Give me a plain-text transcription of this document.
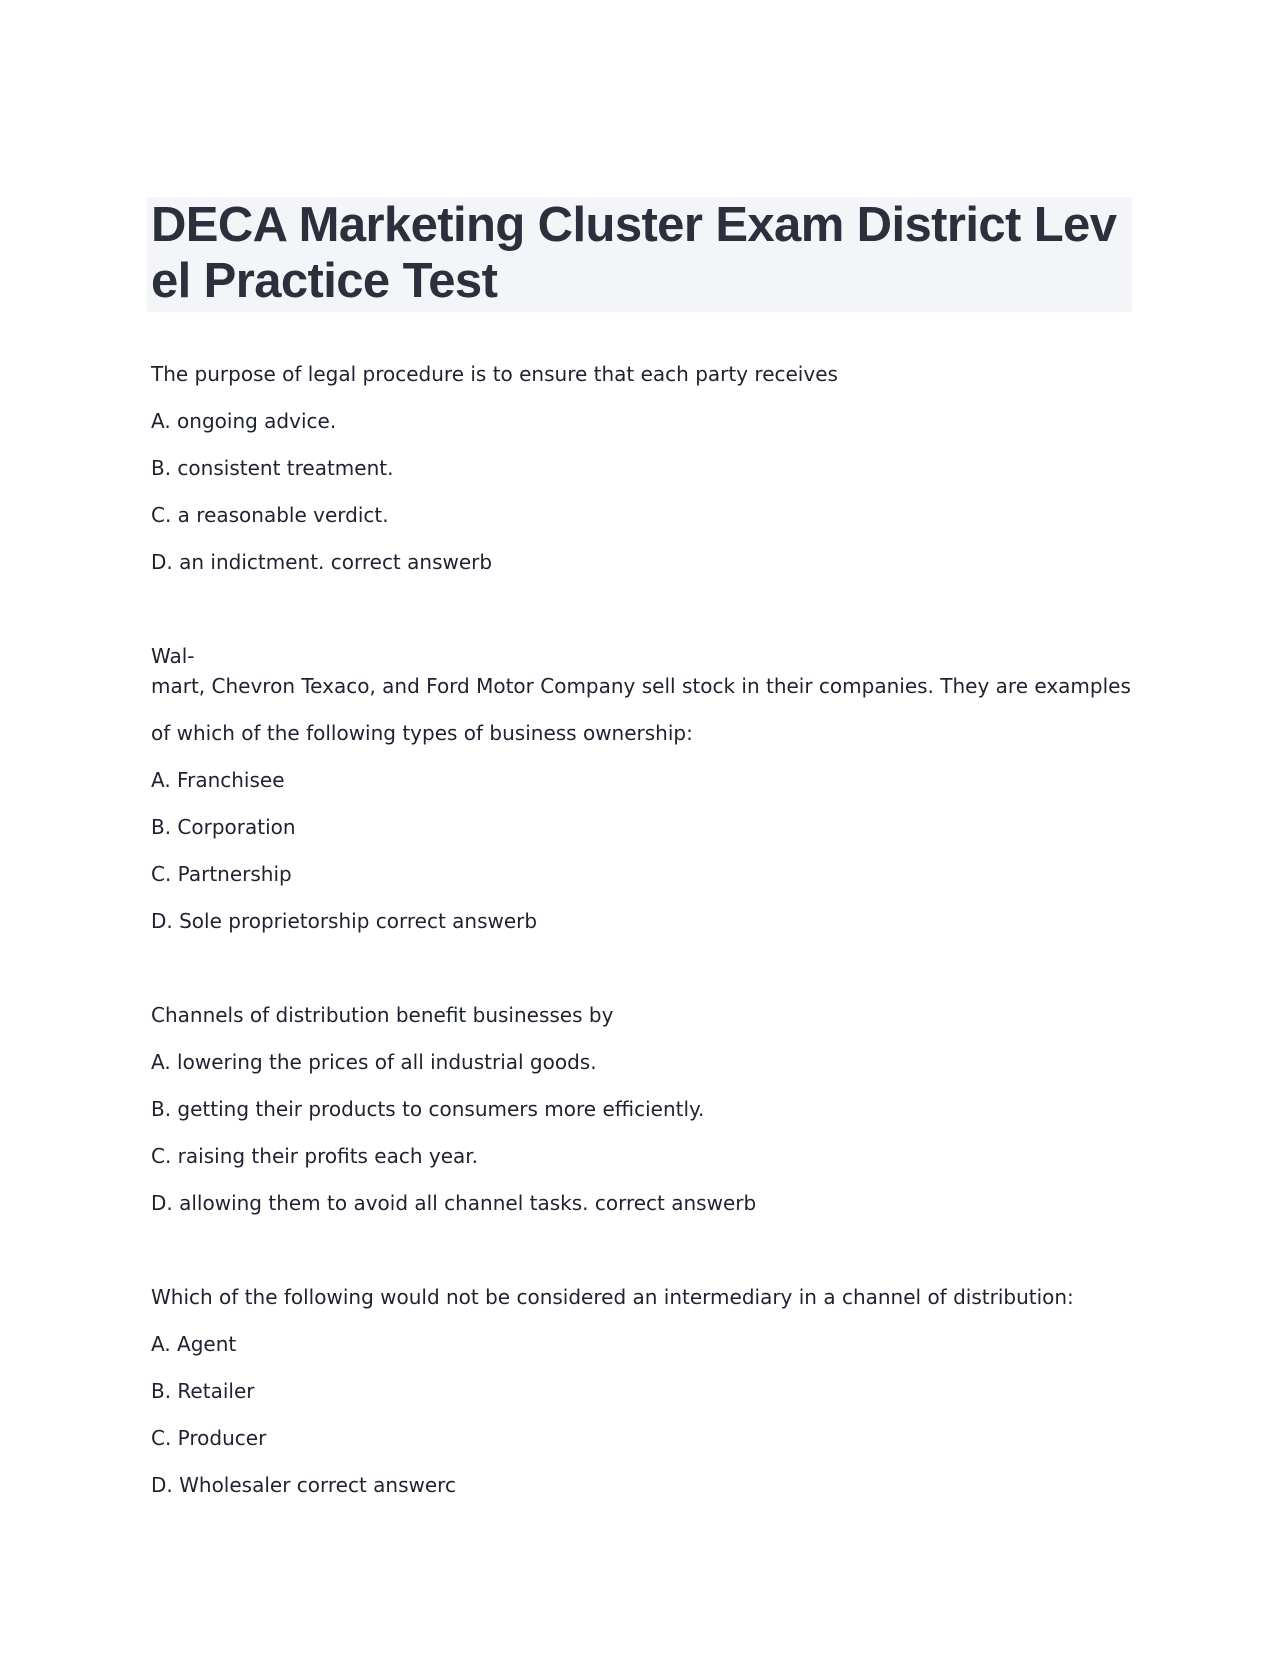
DECA Marketing Cluster Exam District Level Practice Test

The purpose of legal procedure is to ensure that each party receives

A. ongoing advice.

B. consistent treatment.

C. a reasonable verdict.

D. an indictment. correct answerb

Wal-

mart, Chevron Texaco, and Ford Motor Company sell stock in their companies. They are examples

of which of the following types of business ownership:

A. Franchisee

B. Corporation

C. Partnership

D. Sole proprietorship correct answerb

Channels of distribution benefit businesses by

A. lowering the prices of all industrial goods.

B. getting their products to consumers more efficiently.

C. raising their profits each year.

D. allowing them to avoid all channel tasks. correct answerb

Which of the following would not be considered an intermediary in a channel of distribution:

A. Agent

B. Retailer

C. Producer

D. Wholesaler correct answerc
